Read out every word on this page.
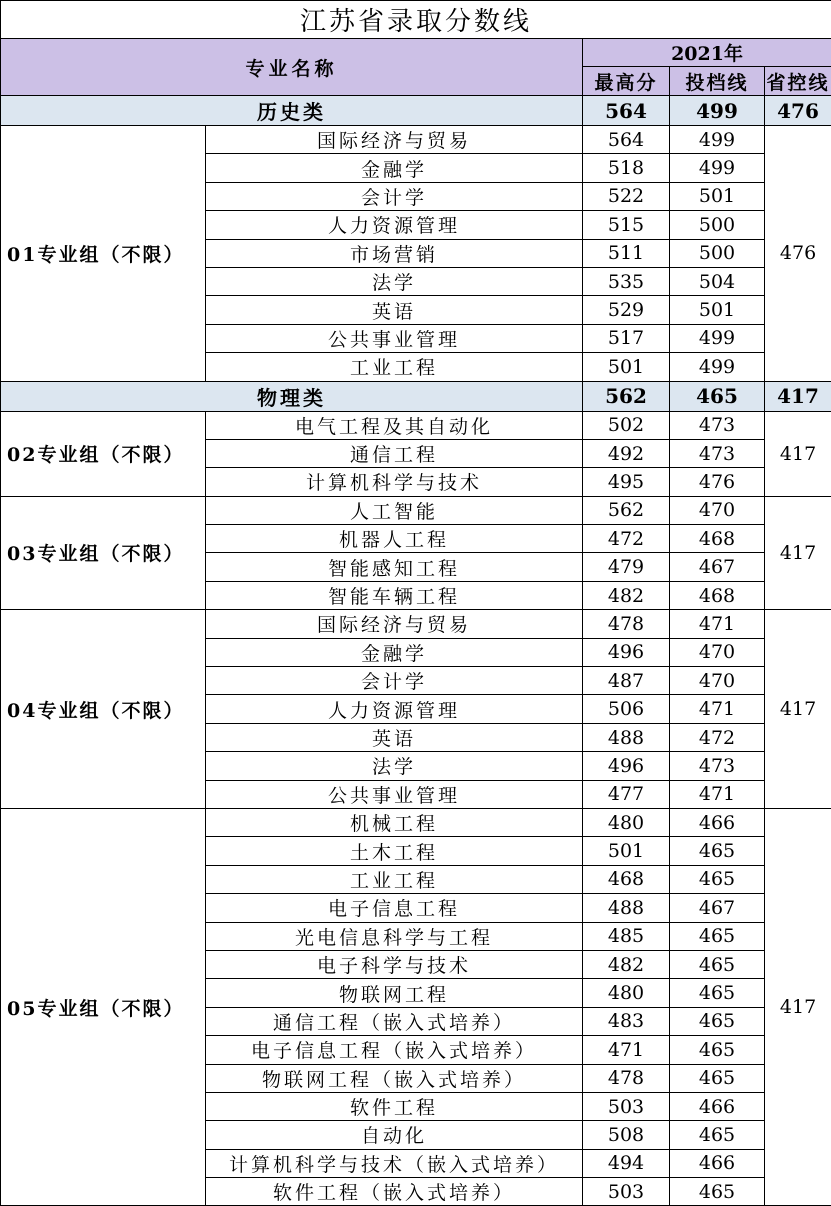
江苏省录取分数线				
专业名称		2021年		
		最高分	投档线	省控线
历史类		564	499	476
01专业组（不限）	国际经济与贸易	564	499	476
	金融学	518	499	
	会计学	522	501	
	人力资源管理	515	500	
	市场营销	511	500	
	法学	535	504	
	英语	529	501	
	公共事业管理	517	499	
	工业工程	501	499	
物理类		562	465	417
02专业组（不限）	电气工程及其自动化	502	473	417
	通信工程	492	473	
	计算机科学与技术	495	476	
03专业组（不限）	人工智能	562	470	417
	机器人工程	472	468	
	智能感知工程	479	467	
	智能车辆工程	482	468	
04专业组（不限）	国际经济与贸易	478	471	417
	金融学	496	470	
	会计学	487	470	
	人力资源管理	506	471	
	英语	488	472	
	法学	496	473	
	公共事业管理	477	471	
05专业组（不限）	机械工程	480	466	417
	土木工程	501	465	
	工业工程	468	465	
	电子信息工程	488	467	
	光电信息科学与工程	485	465	
	电子科学与技术	482	465	
	物联网工程	480	465	
	通信工程（嵌入式培养）	483	465	
	电子信息工程（嵌入式培养）	471	465	
	物联网工程（嵌入式培养）	478	465	
	软件工程	503	466	
	自动化	508	465	
	计算机科学与技术（嵌入式培养）	494	466	
	软件工程（嵌入式培养）	503	465	
